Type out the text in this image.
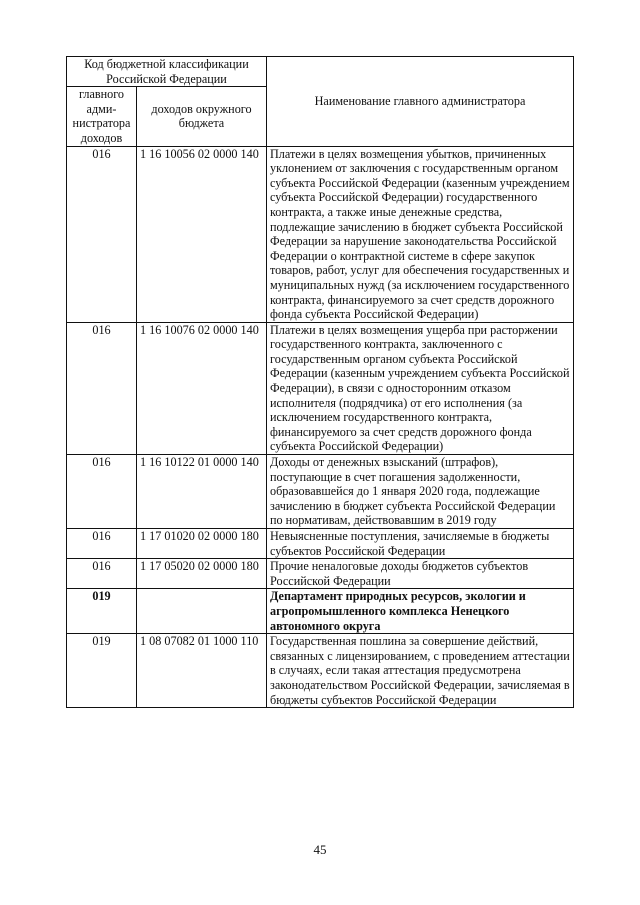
Код бюджетной классификации Российской Федерации		Наименование главного администратора
главного адми-нистратора доходов	доходов окружного бюджета	
016	1 16 10056 02 0000 140	Платежи в целях возмещения убытков, причиненных уклонением от заключения с государственным органом субъекта Российской Федерации (казенным учреждением субъекта Российской Федерации) государственного контракта, а также иные денежные средства, подлежащие зачислению в бюджет субъекта Российской Федерации за нарушение законодательства Российской Федерации о контрактной системе в сфере закупок товаров, работ, услуг для обеспечения государственных и муниципальных нужд (за исключением государственного контракта, финансируемого за счет средств дорожного фонда субъекта Российской Федерации)
016	1 16 10076 02 0000 140	Платежи в целях возмещения ущерба при расторжении государственного контракта, заключенного с государственным органом субъекта Российской Федерации (казенным учреждением субъекта Российской Федерации), в связи с односторонним отказом исполнителя (подрядчика) от его исполнения (за исключением государственного контракта, финансируемого за счет средств дорожного фонда субъекта Российской Федерации)
016	1 16 10122 01 0000 140	Доходы от денежных взысканий (штрафов), поступающие в счет погашения задолженности, образовавшейся до 1 января 2020 года, подлежащие зачислению в бюджет субъекта Российской Федерации по нормативам, действовавшим в 2019 году
016	1 17 01020 02 0000 180	Невыясненные поступления, зачисляемые в бюджеты субъектов Российской Федерации
016	1 17 05020 02 0000 180	Прочие неналоговые доходы бюджетов субъектов Российской Федерации
019		Департамент природных ресурсов, экологии и агропромышленного комплекса Ненецкого автономного округа
019	1 08 07082 01 1000 110	Государственная пошлина за совершение действий, связанных с лицензированием, с проведением аттестации в случаях, если такая аттестация предусмотрена законодательством Российской Федерации, зачисляемая в бюджеты субъектов Российской Федерации
45
